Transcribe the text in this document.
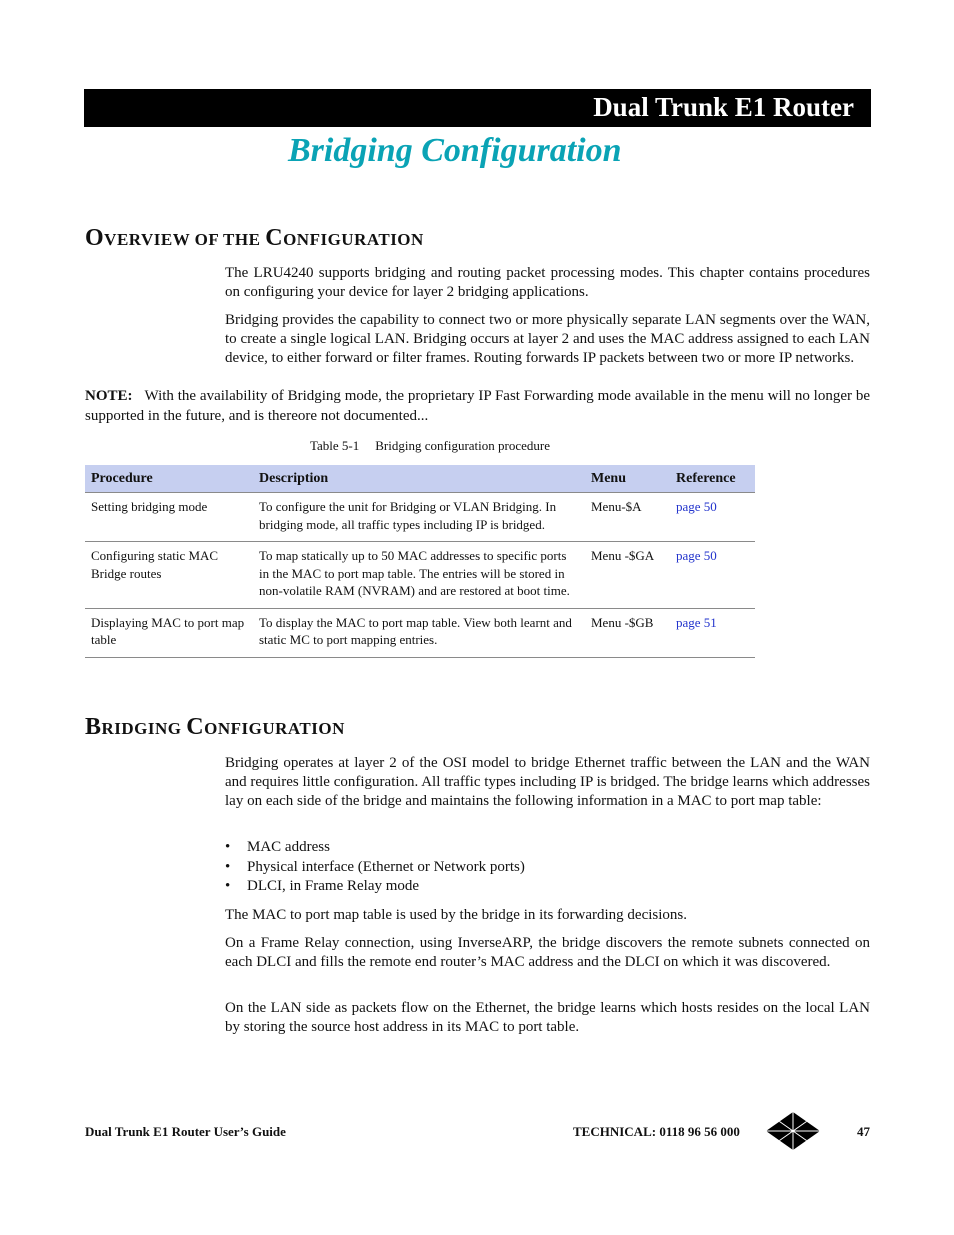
Dual Trunk E1 Router
Bridging Configuration
OVERVIEW OF THE CONFIGURATION

The LRU4240 supports bridging and routing packet processing modes. This chapter contains procedures on configuring your device for layer 2 bridging applications.

Bridging provides the capability to connect two or more physically separate LAN segments over the WAN, to create a single logical LAN. Bridging occurs at layer 2 and uses the MAC address assigned to each LAN device, to either forward or filter frames. Routing forwards IP packets between two or more IP networks.

NOTE: With the availability of Bridging mode, the proprietary IP Fast Forwarding mode available in the menu will no longer be supported in the future, and is thereore not documented...

Table 5-1 Bridging configuration procedure
Procedure	Description	Menu	Reference
Setting bridging mode	To configure the unit for Bridging or VLAN Bridging. In bridging mode, all traffic types including IP is bridged.	Menu-$A	page 50
Configuring static MAC Bridge routes	To map statically up to 50 MAC addresses to specific ports in the MAC to port map table. The entries will be stored in non-volatile RAM (NVRAM) and are restored at boot time.	Menu -$GA	page 50
Displaying MAC to port map table	To display the MAC to port map table. View both learnt and static MC to port mapping entries.	Menu -$GB	page 51
BRIDGING CONFIGURATION

Bridging operates at layer 2 of the OSI model to bridge Ethernet traffic between the LAN and the WAN and requires little configuration. All traffic types including IP is bridged. The bridge learns which addresses lay on each side of the bridge and maintains the following information in a MAC to port map table:

• MAC address
• Physical interface (Ethernet or Network ports)
• DLCI, in Frame Relay mode

The MAC to port map table is used by the bridge in its forwarding decisions.

On a Frame Relay connection, using InverseARP, the bridge discovers the remote subnets connected on each DLCI and fills the remote end router’s MAC address and the DLCI on which it was discovered.

On the LAN side as packets flow on the Ethernet, the bridge learns which hosts resides on the local LAN by storing the source host address in its MAC to port table.

Dual Trunk E1 Router User’s Guide	TECHNICAL: 0118 96 56 000	47
